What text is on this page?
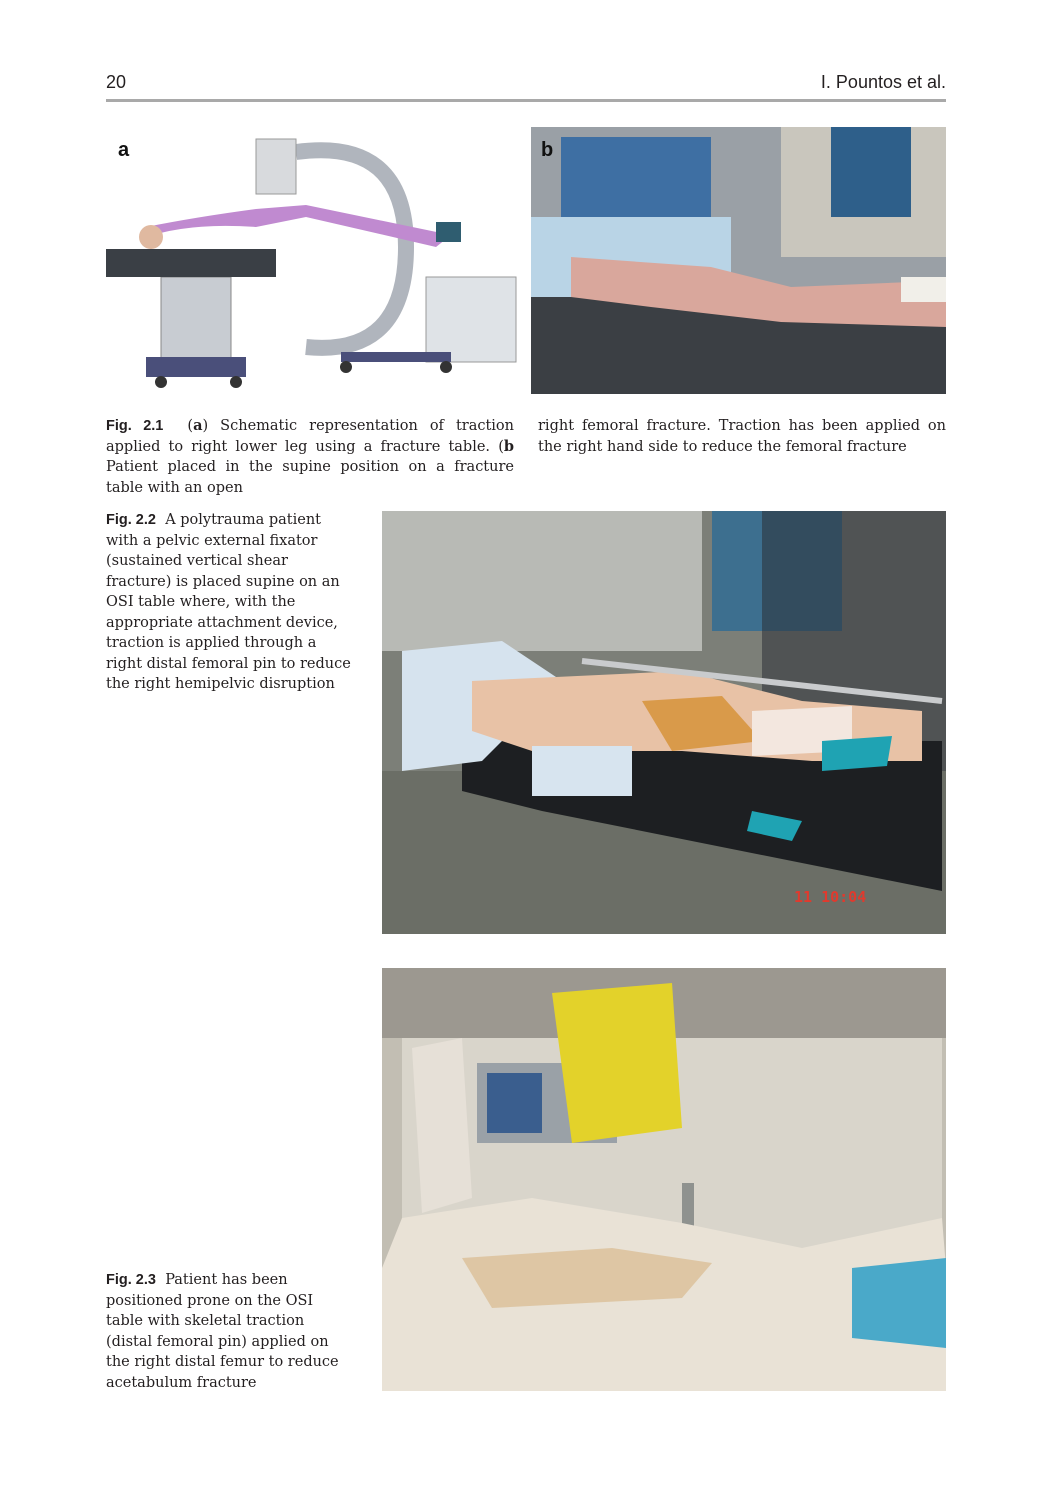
20	I. Pountos et al.
a	b
Fig. 2.1  (a) Schematic representation of traction applied to right lower leg using a fracture table. (b Patient placed in the supine position on a fracture table with an open
right femoral fracture. Traction has been applied on the right hand side to reduce the femoral fracture
Fig. 2.2 A polytrauma patient with a pelvic external fixator (sustained vertical shear fracture) is placed supine on an OSI table where, with the appropriate attachment device, traction is applied through a right distal femoral pin to reduce the right hemipelvic disruption
11 10:04
Fig. 2.3 Patient has been positioned prone on the OSI table with skeletal traction (distal femoral pin) applied on the right distal femur to reduce acetabulum fracture
